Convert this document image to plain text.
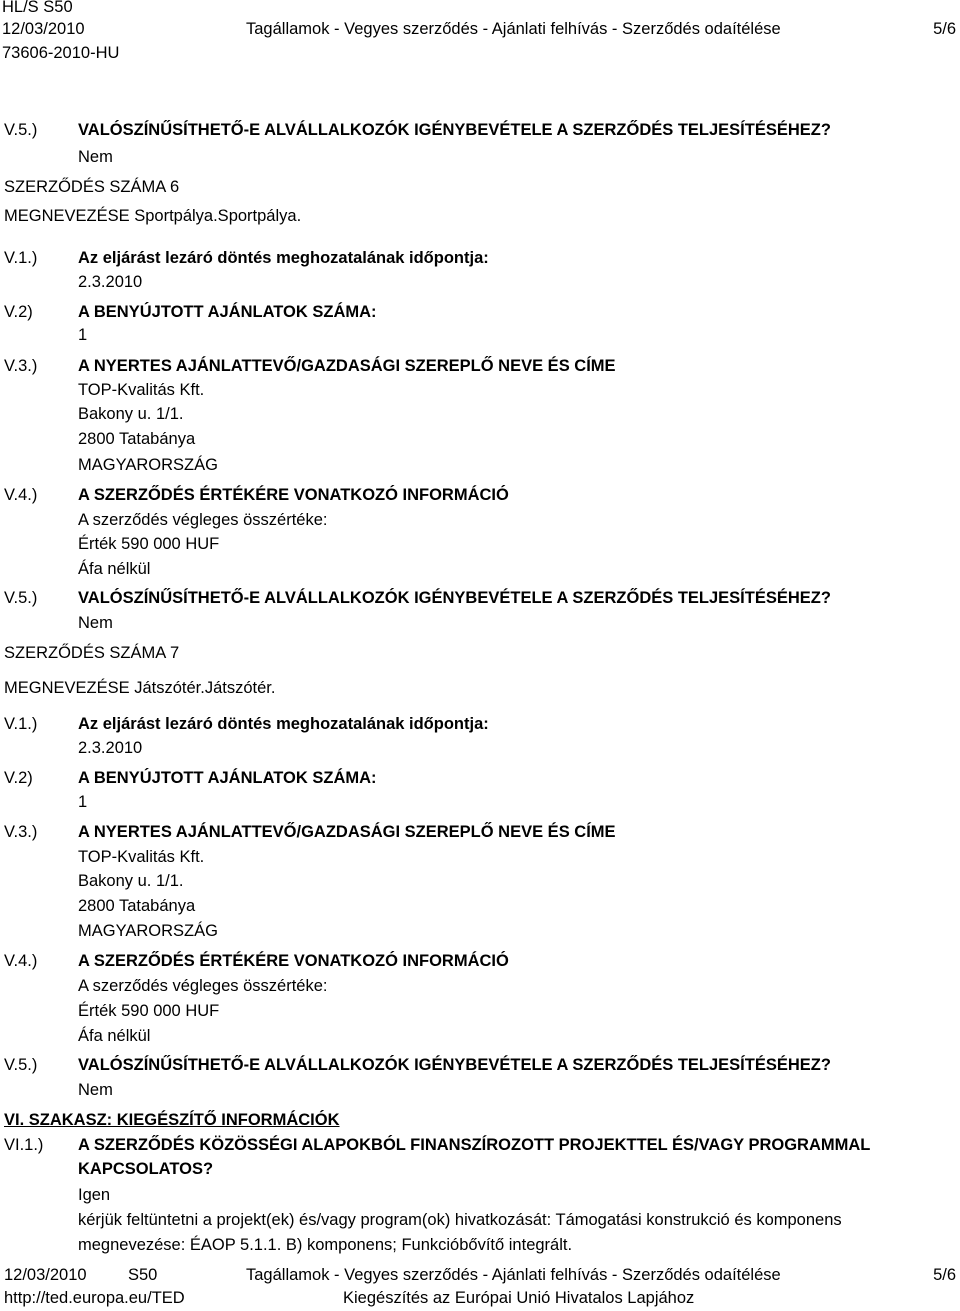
HL/S S50
12/03/2010
73606-2010-HU
Tagállamok - Vegyes szerződés - Ajánlati felhívás - Szerződés odaítélése	5/6
V.5.) VALÓSZÍNŰSÍTHETŐ-E ALVÁLLALKOZÓK IGÉNYBEVÉTELE A SZERZŐDÉS TELJESÍTÉSÉHEZ?
Nem
SZERZŐDÉS SZÁMA 6
MEGNEVEZÉSE Sportpálya.Sportpálya.
V.1.) Az eljárást lezáró döntés meghozatalának időpontja:
2.3.2010
V.2)	A BENYÚJTOTT AJÁNLATOK SZÁMA:
1
V.3.) A NYERTES AJÁNLATTEVŐ/GAZDASÁGI SZEREPLŐ NEVE ÉS CÍME
TOP-Kvalitás Kft.
Bakony u. 1/1.
2800 Tatabánya
MAGYARORSZÁG
V.4.) A SZERZŐDÉS ÉRTÉKÉRE VONATKOZÓ INFORMÁCIÓ
A szerződés végleges összértéke:
Érték 590 000 HUF
Áfa nélkül
V.5.) VALÓSZÍNŰSÍTHETŐ-E ALVÁLLALKOZÓK IGÉNYBEVÉTELE A SZERZŐDÉS TELJESÍTÉSÉHEZ?
Nem
SZERZŐDÉS SZÁMA 7
MEGNEVEZÉSE Játszótér.Játszótér.
V.1.) Az eljárást lezáró döntés meghozatalának időpontja:
2.3.2010
V.2)	A BENYÚJTOTT AJÁNLATOK SZÁMA:
1
V.3.) A NYERTES AJÁNLATTEVŐ/GAZDASÁGI SZEREPLŐ NEVE ÉS CÍME
TOP-Kvalitás Kft.
Bakony u. 1/1.
2800 Tatabánya
MAGYARORSZÁG
V.4.) A SZERZŐDÉS ÉRTÉKÉRE VONATKOZÓ INFORMÁCIÓ
A szerződés végleges összértéke:
Érték 590 000 HUF
Áfa nélkül
V.5.) VALÓSZÍNŰSÍTHETŐ-E ALVÁLLALKOZÓK IGÉNYBEVÉTELE A SZERZŐDÉS TELJESÍTÉSÉHEZ?
Nem
VI. SZAKASZ: KIEGÉSZÍTŐ INFORMÁCIÓK
VI.1.) A SZERZŐDÉS KÖZÖSSÉGI ALAPOKBÓL FINANSZÍROZOTT PROJEKTTEL ÉS/VAGY PROGRAMMAL
KAPCSOLATOS?
Igen
kérjük feltüntetni a projekt(ek) és/vagy program(ok) hivatkozását: Támogatási konstrukció és komponens
megnevezése: ÉAOP 5.1.1. B) komponens; Funkcióbővítő integrált.
12/03/2010	S50	Tagállamok - Vegyes szerződés - Ajánlati felhívás - Szerződés odaítélése	5/6
http://ted.europa.eu/TED	Kiegészítés az Európai Unió Hivatalos Lapjához
